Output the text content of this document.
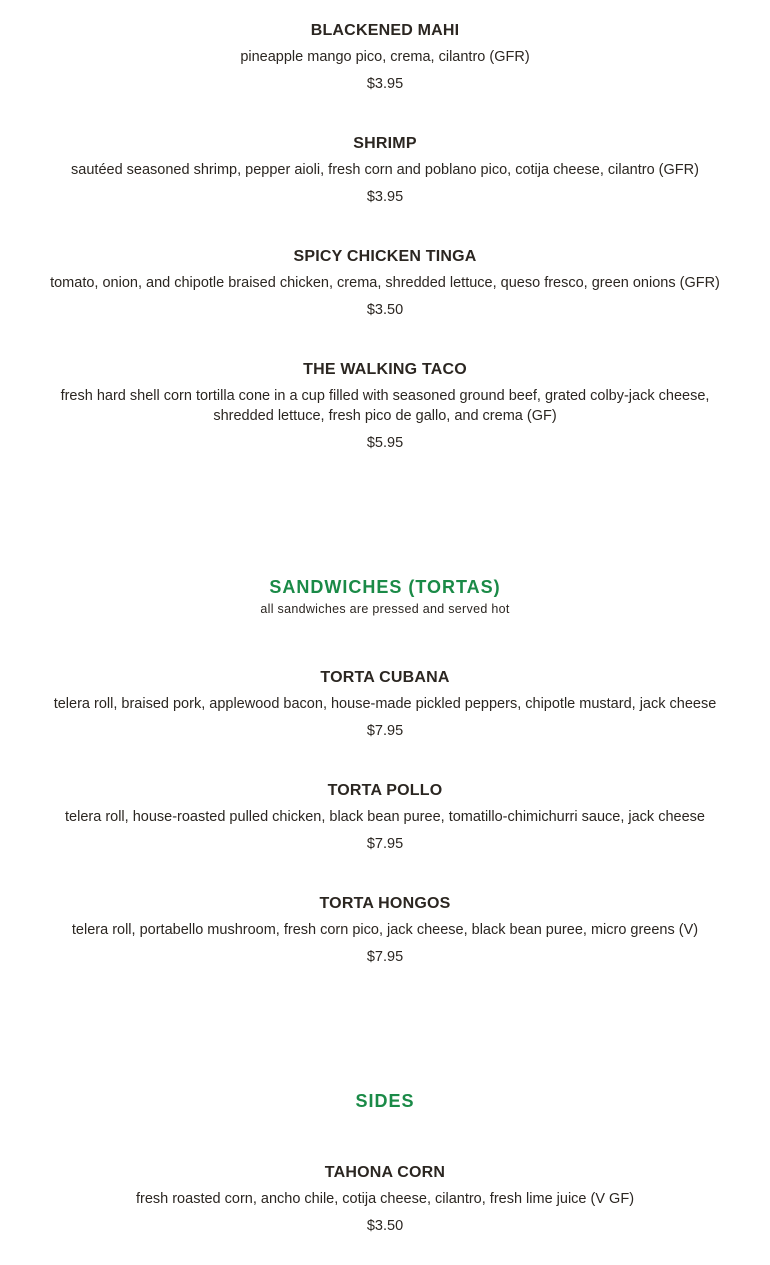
BLACKENED MAHI
pineapple mango pico, crema, cilantro (GFR)
$3.95
SHRIMP
sautéed seasoned shrimp, pepper aioli, fresh corn and poblano pico, cotija cheese, cilantro (GFR)
$3.95
SPICY CHICKEN TINGA
tomato, onion, and chipotle braised chicken, crema, shredded lettuce, queso fresco, green onions (GFR)
$3.50
THE WALKING TACO
fresh hard shell corn tortilla cone in a cup filled with seasoned ground beef, grated colby-jack cheese,
shredded lettuce, fresh pico de gallo, and crema (GF)
$5.95
SANDWICHES (TORTAS)
all sandwiches are pressed and served hot
TORTA CUBANA
telera roll, braised pork, applewood bacon, house-made pickled peppers, chipotle mustard, jack cheese
$7.95
TORTA POLLO
telera roll, house-roasted pulled chicken, black bean puree, tomatillo-chimichurri sauce, jack cheese
$7.95
TORTA HONGOS
telera roll, portabello mushroom, fresh corn pico, jack cheese, black bean puree, micro greens (V)
$7.95
SIDES
TAHONA CORN
fresh roasted corn, ancho chile, cotija cheese, cilantro, fresh lime juice (V GF)
$3.50
